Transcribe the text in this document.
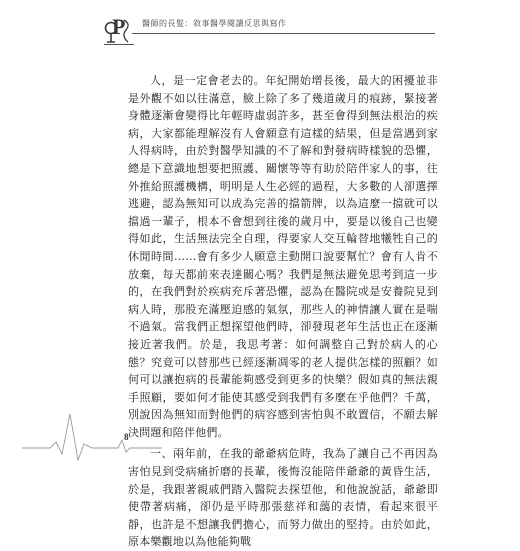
P 醫師的長髮：敘事醫學閱讀反思與寫作

人，是一定會老去的。年紀開始增長後，最大的困擾並非是外觀不如以往滿意，臉上除了多了幾道歲月的痕跡，緊接著身體逐漸會變得比年輕時虛弱許多，甚至會得到無法根治的疾病，大家都能理解沒有人會願意有這樣的結果，但是當遇到家人得病時，由於對醫學知識的不了解和對發病時樣貌的恐懼，總是下意識地想要把照護、關懷等等有助於陪伴家人的事，往外推給照護機構，明明是人生必經的過程，大多數的人卻選擇逃避，認為無知可以成為完善的擋箭牌，以為這麼一擋就可以擋過一輩子，根本不會想到往後的歲月中，要是以後自己也變得如此，生活無法完全自理，得要家人交互輪替地犧牲自己的休閒時間……會有多少人願意主動開口說要幫忙？會有人肯不放棄，每天都前來表達關心嗎？我們是無法避免思考到這一步的，在我們對於疾病充斥著恐懼，認為在醫院或是安養院見到病人時，那股充滿壓迫感的氣氛，那些人的神情讓人實在是喘不過氣。當我們正想探望他們時，卻發現老年生活也正在逐漸接近著我們。於是，我思考著：如何調整自己對於病人的心態？究竟可以替那些已經逐漸凋零的老人提供怎樣的照顧？如何可以讓抱病的長輩能夠感受到更多的快樂？假如真的無法親手照顧，要如何才能使其感受到我們有多麼在乎他們？千萬，別說因為無知而對他們的病容感到害怕與不敢置信，不願去解決問題和陪伴他們。

一、兩年前，在我的爺爺病危時，我為了讓自己不再因為害怕見到受病痛折磨的長輩，後悔沒能陪伴爺爺的黃昏生活，於是，我跟著親戚們踏入醫院去探望他，和他說說話，爺爺即使帶著病痛，卻仍是平時那張慈祥和藹的表情，看起來很平靜，也許是不想讓我們擔心，而努力做出的堅持。由於如此，原本樂觀地以為他能夠戰

8
